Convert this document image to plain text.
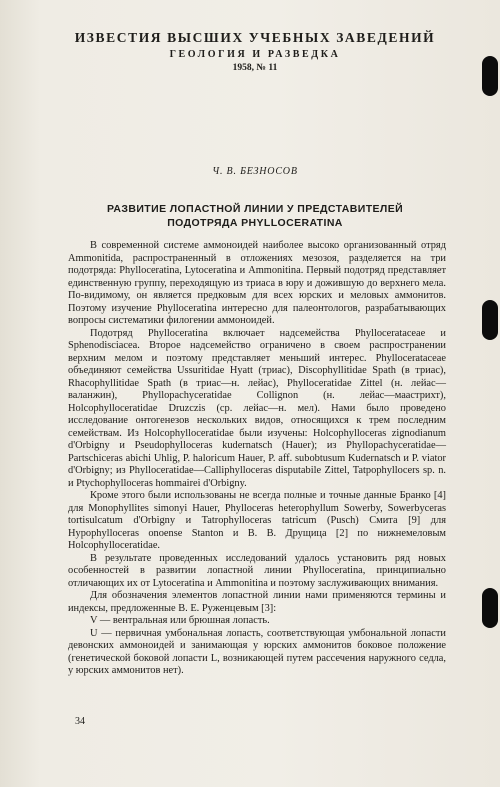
ИЗВЕСТИЯ ВЫСШИХ УЧЕБНЫХ ЗАВЕДЕНИЙ
ГЕОЛОГИЯ И РАЗВЕДКА
1958, № 11
Ч. В. БЕЗНОСОВ
РАЗВИТИЕ ЛОПАСТНОЙ ЛИНИИ У ПРЕДСТАВИТЕЛЕЙ
ПОДОТРЯДА PHYLLOCERATINA

В современной системе аммоноидей наиболее высоко организованный отряд Ammonitida, распространенный в отложениях мезозоя, разделяется на три подотряда: Phylloceratina, Lytoceratina и Ammonitina. Первый подотряд представляет единственную группу, переходящую из триаса в юру и дожившую до верхнего мела. По-видимому, он является предковым для всех юрских и меловых аммонитов. Поэтому изучение Phylloceratina интересно для палеонтологов, разрабатывающих вопросы систематики филогении аммоноидей.

Подотряд Phylloceratina включает надсемейства Phyllocerataceae и Sphenodisciacea. Второе надсемейство ограничено в своем распространении верхним мелом и поэтому представляет меньший интерес. Phyllocerataceae объединяют семейства Ussuritidae Hyatt (триас), Discophyllitidae Spath (в триас), Rhacophyllitidae Spath (в триас—н. лейас), Phylloceratidae Zittel (н. лейас—валанжин), Phyllopachyceratidae Collignon (н. лейас—маастрихт), Holcophylloceratidae Druzczis (ср. лейас—н. мел). Нами было проведено исследование онтогенезов нескольких видов, относящихся к трем последним семействам. Из Holcophylloceratidae были изучены: Holcophylloceras zignodianum d'Orbigny и Pseudophylloceras kudernatsch (Hauer); из Phyllopachyceratidae—Partschiceras abichi Uhlig, P. haloricum Hauer, P. aff. subobtusum Kudernatsch и P. viator d'Orbigny; из Phylloceratidae—Calliphylloceras disputabile Zittel, Tatpophyllocers sp. n. и Ptychophylloceras hommairei d'Orbigny.

Кроме этого были использованы не всегда полные и точные данные Бранко [4] для Monophyllites simonyi Hauer, Phylloceras heterophyllum Sowerby, Sowerbyceras tortisulcatum d'Orbigny и Tatrophylloceras tatricum (Pusch) Смита [9] для Hypophylloceras onoense Stanton и В. В. Друщица [2] по нижнемеловым Holcophylloceratidae.

В результате проведенных исследований удалось установить ряд новых особенностей в развитии лопастной линии Phylloceratina, принципиально отличающих их от Lytoceratina и Ammonitina и поэтому заслуживающих внимания.

Для обозначения элементов лопастной линии нами применяются термины и индексы, предложенные В. Е. Руженцевым [3]:

V — вентральная или брюшная лопасть.

U — первичная умбональная лопасть, соответствующая умбональной лопасти девонских аммоноидей и занимающая у юрских аммонитов боковое положение (генетической боковой лопасти L, возникающей путем рассечения наружного седла, у юрских аммонитов нет).

34
